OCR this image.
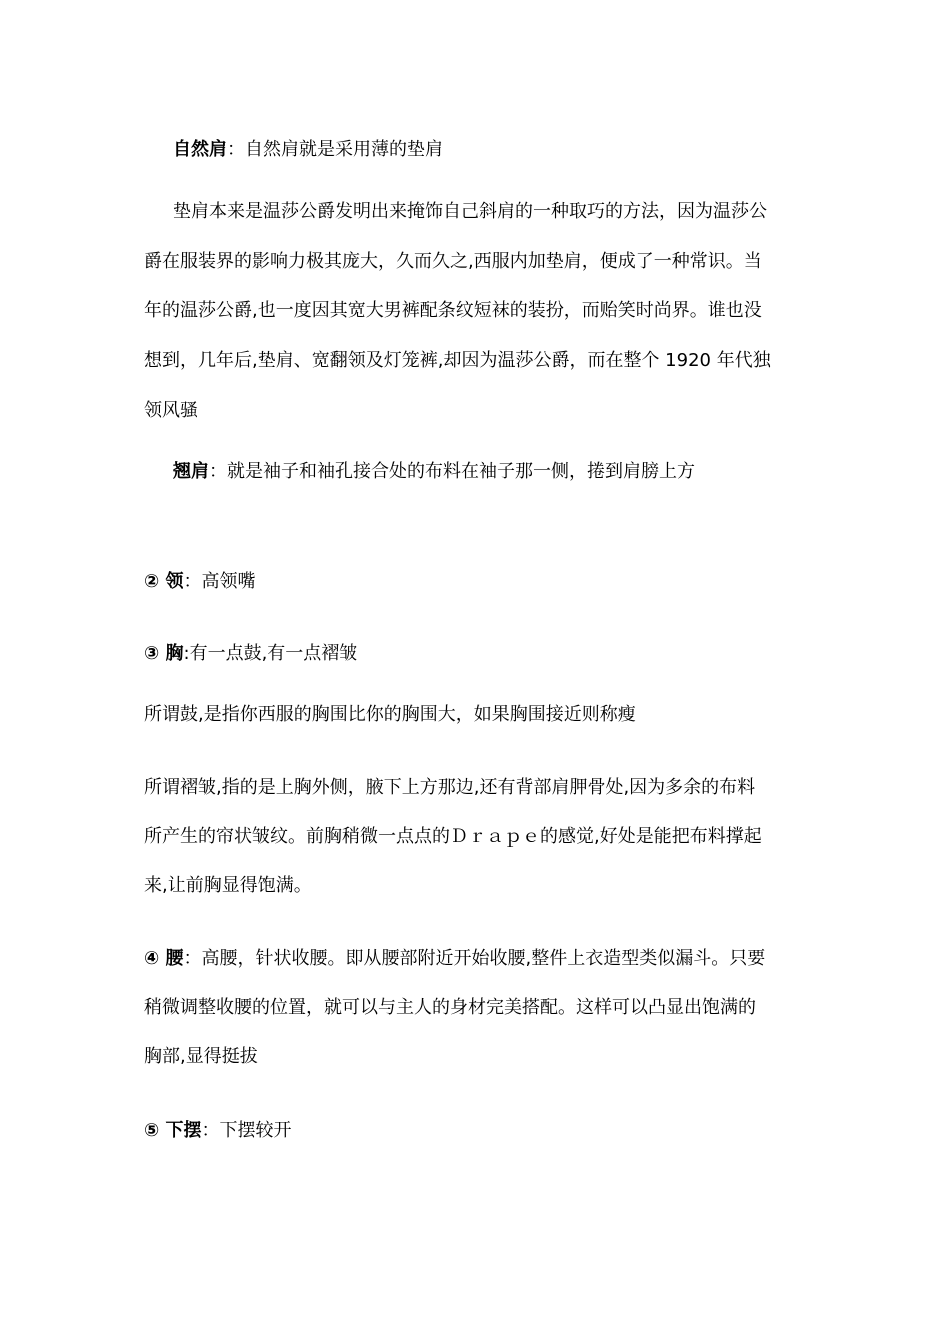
自然肩：自然肩就是采用薄的垫肩
垫肩本来是温莎公爵发明出来掩饰自己斜肩的一种取巧的方法，因为温莎公
爵在服装界的影响力极其庞大，久而久之,西服内加垫肩，便成了一种常识。当
年的温莎公爵,也一度因其宽大男裤配条纹短袜的装扮，而贻笑时尚界。谁也没
想到，几年后,垫肩、宽翻领及灯笼裤,却因为温莎公爵，而在整个 1920 年代独
领风骚
翘肩：就是袖子和袖孔接合处的布料在袖子那一侧，捲到肩膀上方
② 领：高领嘴
③ 胸:有一点鼓,有一点褶皱
所谓鼓,是指你西服的胸围比你的胸围大，如果胸围接近则称瘦
所谓褶皱,指的是上胸外侧，腋下上方那边,还有背部肩胛骨处,因为多余的布料
所产生的帘状皱纹。前胸稍微一点点的Ｄｒａｐｅ的感觉,好处是能把布料撑起
来,让前胸显得饱满。
④ 腰：高腰，针状收腰。即从腰部附近开始收腰,整件上衣造型类似漏斗。只要
稍微调整收腰的位置，就可以与主人的身材完美搭配。这样可以凸显出饱满的
胸部,显得挺拔
⑤ 下摆：下摆较开
